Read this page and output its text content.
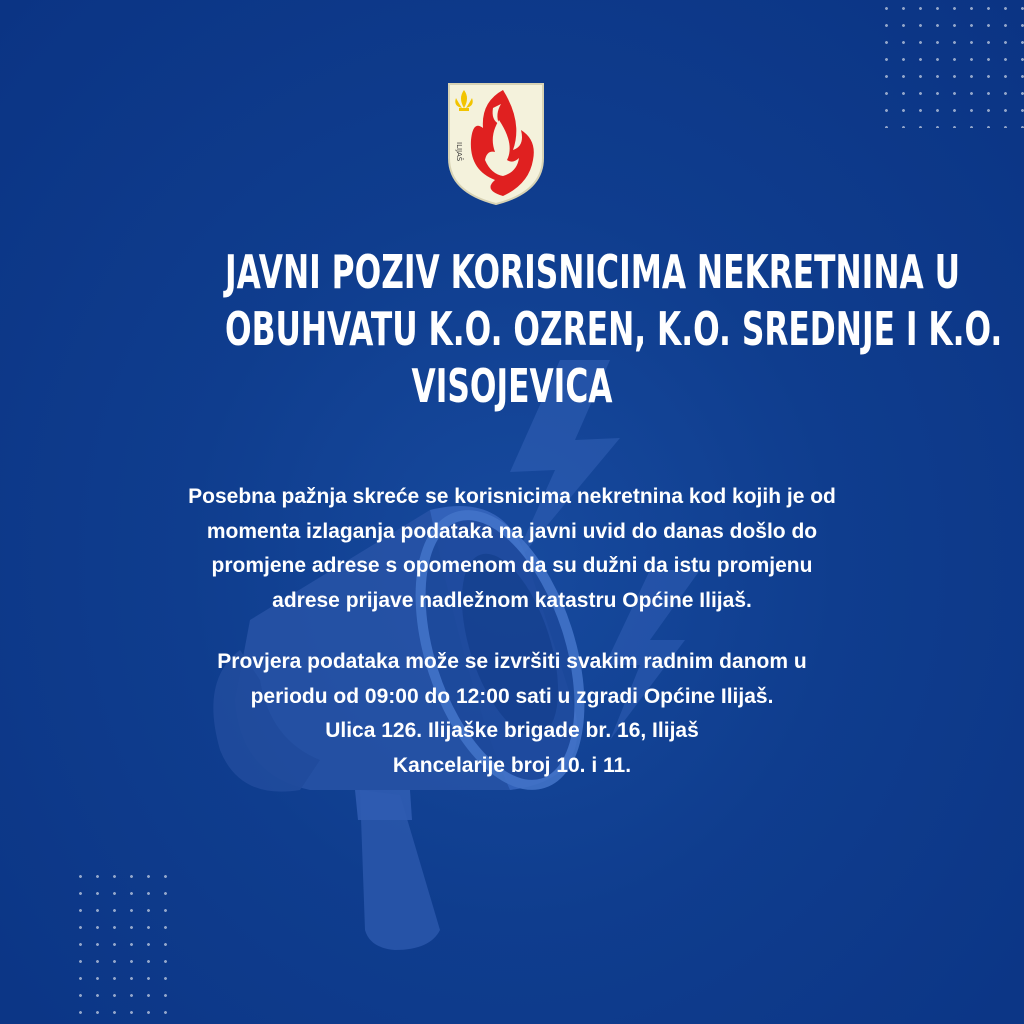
ILIJAŠ
JAVNI POZIV KORISNICIMA NEKRETNINA U
OBUHVATU K.O. OZREN, K.O. SREDNJE I K.O.
VISOJEVICA

Posebna pažnja skreće se korisnicima nekretnina kod kojih je od
momenta izlaganja podataka na javni uvid do danas došlo do
promjene adrese s opomenom da su dužni da istu promjenu
adrese prijave nadležnom katastru Općine Ilijaš.

Provjera podataka može se izvršiti svakim radnim danom u
periodu od 09:00 do 12:00 sati u zgradi Općine Ilijaš.
Ulica 126. Ilijaške brigade br. 16, Ilijaš
Kancelarije broj 10. i 11.
